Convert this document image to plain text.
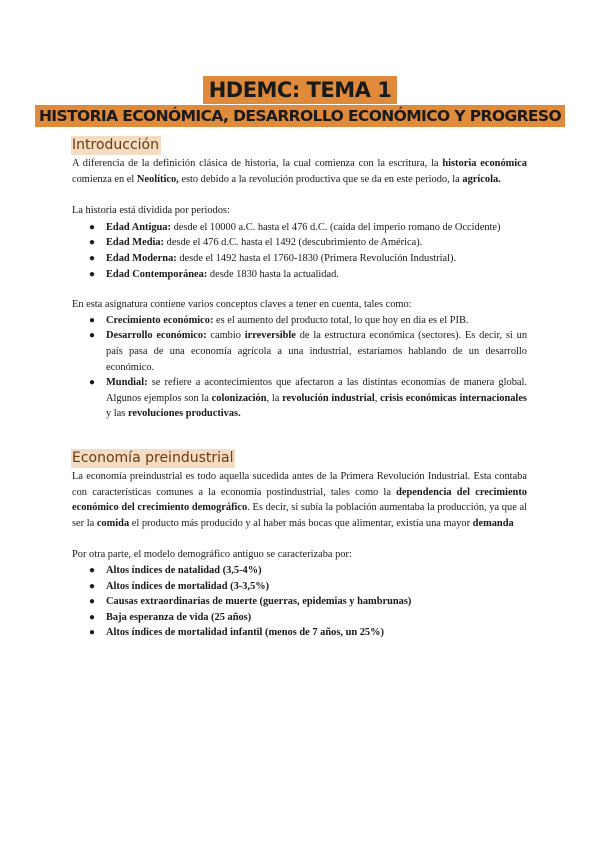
HDEMC: TEMA 1
HISTORIA ECONÓMICA, DESARROLLO ECONÓMICO Y PROGRESO
Introducción

A diferencia de la definición clásica de historia, la cual comienza con la escritura, la historia económica comienza en el Neolítico, esto debido a la revolución productiva que se da en este periodo, la agrícola.

La historia está dividida por periodos:

● Edad Antigua: desde el 10000 a.C. hasta el 476 d.C. (caída del imperio romano de Occidente)
● Edad Media: desde el 476 d.C. hasta el 1492 (descubrimiento de América).
● Edad Moderna: desde el 1492 hasta el 1760-1830 (Primera Revolución Industrial).
● Edad Contemporánea: desde 1830 hasta la actualidad.

En esta asignatura contiene varios conceptos claves a tener en cuenta, tales como:

● Crecimiento económico: es el aumento del producto total, lo que hoy en día es el PIB.
● Desarrollo económico: cambio irreversible de la estructura económica (sectores). Es decir, si un país pasa de una economía agrícola a una industrial, estaríamos hablando de un desarrollo económico.
● Mundial: se refiere a acontecimientos que afectaron a las distintas economías de manera global. Algunos ejemplos son la colonización, la revolución industrial, crisis económicas internacionales y las revoluciones productivas.
Economía preindustrial

La economía preindustrial es todo aquella sucedida antes de la Primera Revolución Industrial. Esta contaba con características comunes a la economía postindustrial, tales como la dependencia del crecimiento económico del crecimiento demográfico. Es decir, si subía la población aumentaba la producción, ya que al ser la comida el producto más producido y al haber más bocas que alimentar, existía una mayor demanda

Por otra parte, el modelo demográfico antiguo se caracterizaba por:

● Altos índices de natalidad (3,5-4%)
● Altos índices de mortalidad (3-3,5%)
● Causas extraordinarias de muerte (guerras, epidemias y hambrunas)
● Baja esperanza de vida (25 años)
● Altos índices de mortalidad infantil (menos de 7 años, un 25%)
